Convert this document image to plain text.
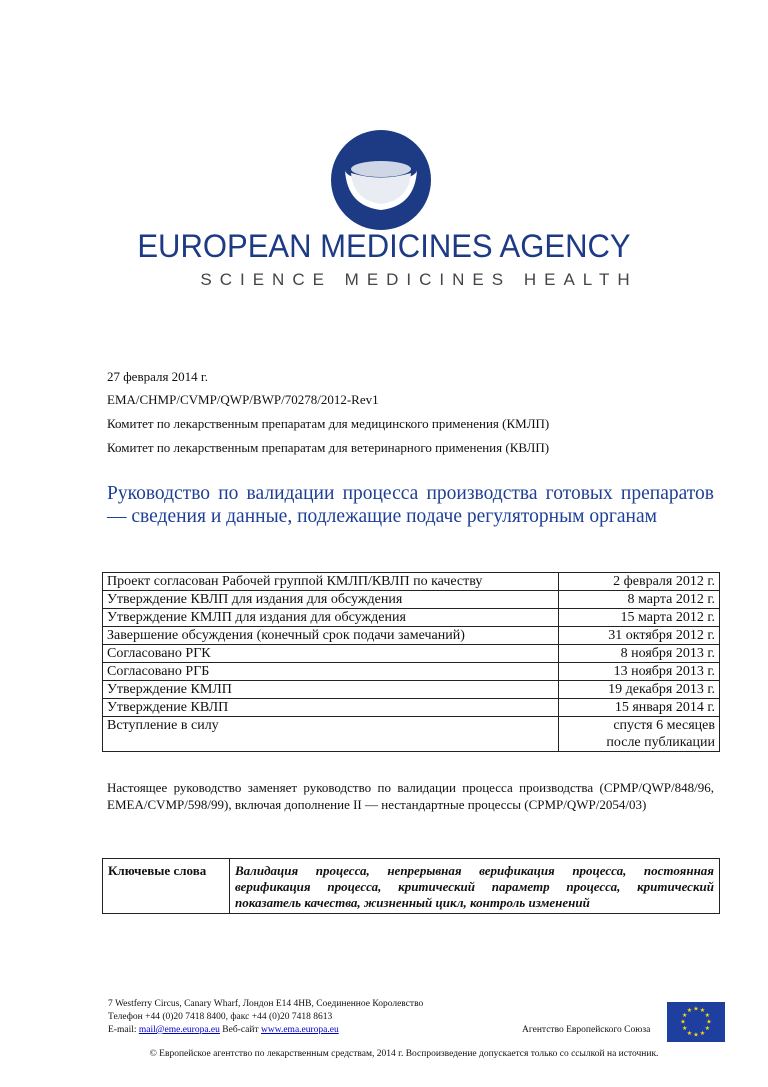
EUROPEAN MEDICINES AGENCY
SCIENCE MEDICINES HEALTH
27 февраля 2014 г.
EMA/CHMP/CVMP/QWP/BWP/70278/2012-Rev1
Комитет по лекарственным препаратам для медицинского применения (КМЛП)
Комитет по лекарственным препаратам для ветеринарного применения (КВЛП)
Руководство по валидации процесса производства готовых препаратов — сведения и данные, подлежащие подаче регуляторным органам
Проект согласован Рабочей группой КМЛП/КВЛП по качеству	2 февраля 2012 г.
Утверждение КВЛП для издания для обсуждения	8 марта 2012 г.
Утверждение КМЛП для издания для обсуждения	15 марта 2012 г.
Завершение обсуждения (конечный срок подачи замечаний)	31 октября 2012 г.
Согласовано РГК	8 ноября 2013 г.
Согласовано РГБ	13 ноября 2013 г.
Утверждение КМЛП	19 декабря 2013 г.
Утверждение КВЛП	15 января 2014 г.
Вступление в силу	спустя 6 месяцев
после публикации
Настоящее руководство заменяет руководство по валидации процесса производства (CPMP/QWP/848/96, EMEA/CVMP/598/99), включая дополнение II — нестандартные процессы (CPMP/QWP/2054/03)
Ключевые слова	Валидация процесса, непрерывная верификация процесса, постоянная верификация процесса, критический параметр процесса, критический показатель качества, жизненный цикл, контроль изменений
7 Westferry Circus, Canary Wharf, Лондон E14 4HB, Соединенное Королевство
Телефон +44 (0)20 7418 8400, факс +44 (0)20 7418 8613
E-mail: mail@eme.europa.eu Веб-сайт www.ema.europa.eu	Агентство Европейского Союза
★ ★
★
★
★
★
★
★
★
★
★
★
© Европейское агентство по лекарственным средствам, 2014 г. Воспроизведение допускается только со ссылкой на источник.
